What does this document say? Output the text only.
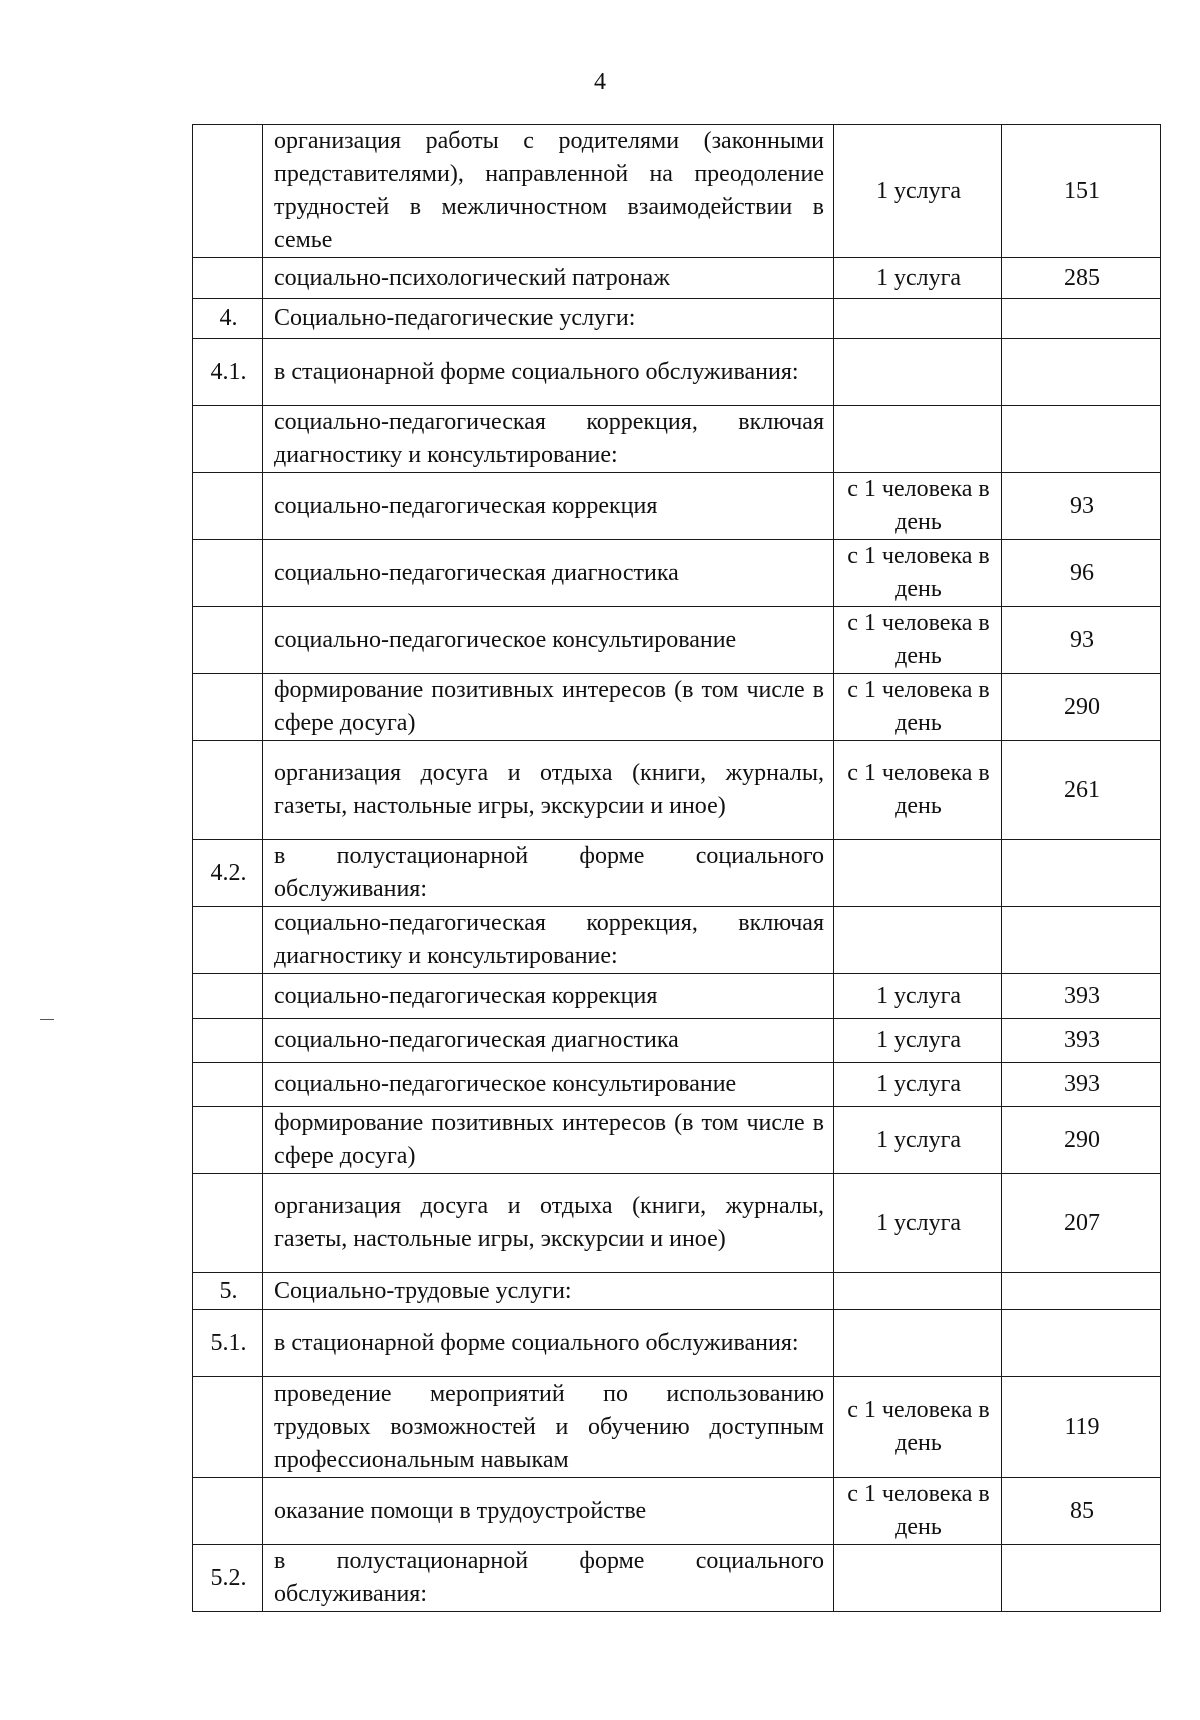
4
	организация работы с родителями (законными представителями), направленной на преодоление трудностей в межличностном взаимодействии в семье	1 услуга	151
	социально-психологический патронаж	1 услуга	285
4.	Социально-педагогические услуги:		
4.1.	в стационарной форме социального обслуживания:		
	социально-педагогическая коррекция, включая диагностику и консультирование:		
	социально-педагогическая коррекция	с 1 человека в день	93
	социально-педагогическая диагностика	с 1 человека в день	96
	социально-педагогическое консультирование	с 1 человека в день	93
	формирование позитивных интересов (в том числе в сфере досуга)	с 1 человека в день	290
	организация досуга и отдыха (книги, журналы, газеты, настольные игры, экскурсии и иное)	с 1 человека в день	261
4.2.	в полустационарной форме социального обслуживания:		
	социально-педагогическая коррекция, включая диагностику и консультирование:		
	социально-педагогическая коррекция	1 услуга	393
	социально-педагогическая диагностика	1 услуга	393
	социально-педагогическое консультирование	1 услуга	393
	формирование позитивных интересов (в том числе в сфере досуга)	1 услуга	290
	организация досуга и отдыха (книги, журналы, газеты, настольные игры, экскурсии и иное)	1 услуга	207
5.	Социально-трудовые услуги:		
5.1.	в стационарной форме социального обслуживания:		
	проведение мероприятий по использованию трудовых возможностей и обучению доступным профессиональным навыкам	с 1 человека в день	119
	оказание помощи в трудоустройстве	с 1 человека в день	85
5.2.	в полустационарной форме социального обслуживания:		
